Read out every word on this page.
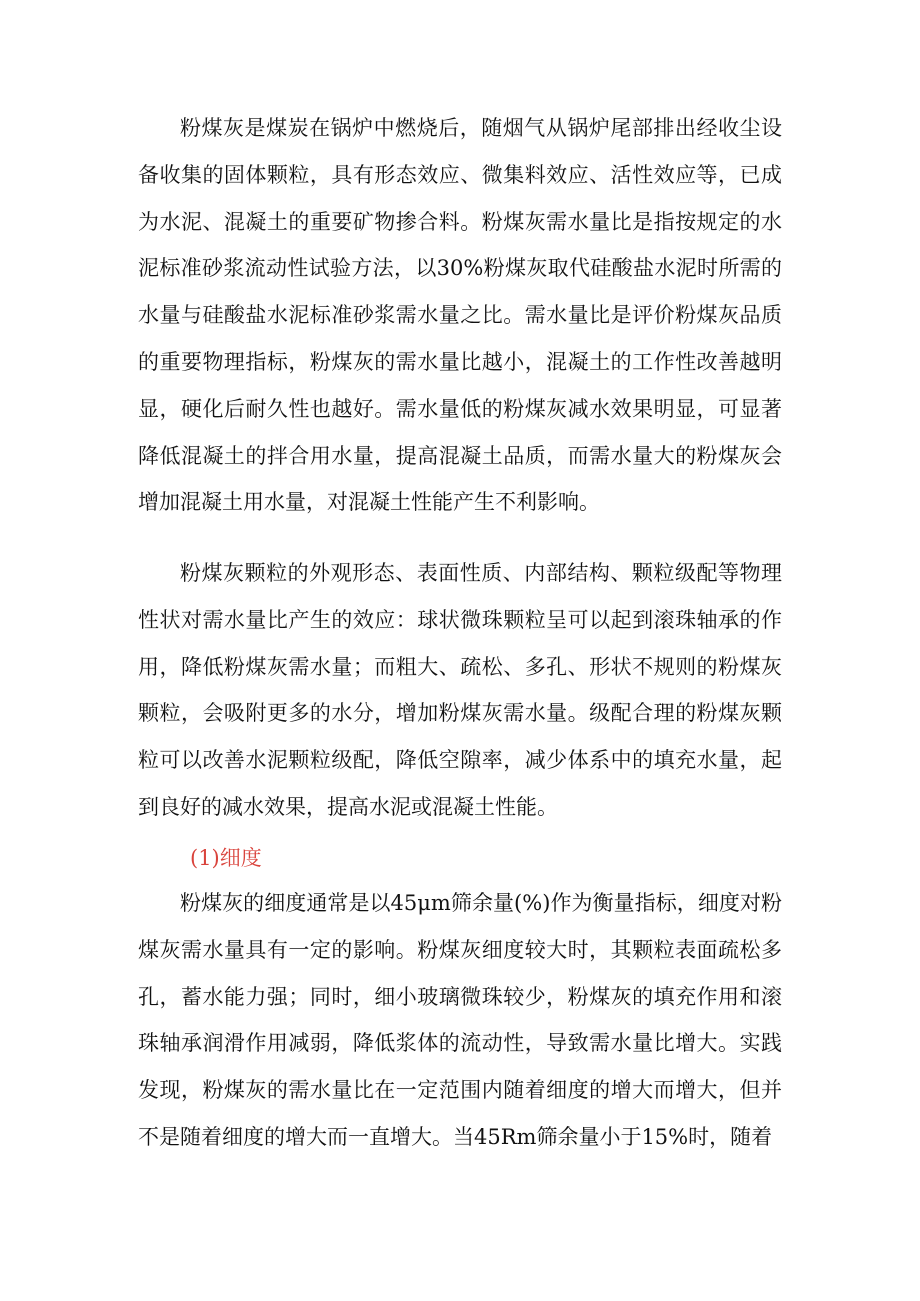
粉煤灰是煤炭在锅炉中燃烧后，随烟气从锅炉尾部排出经收尘设备收集的固体颗粒，具有形态效应、微集料效应、活性效应等，已成为水泥、混凝土的重要矿物掺合料。粉煤灰需水量比是指按规定的水泥标准砂浆流动性试验方法，以30%粉煤灰取代硅酸盐水泥时所需的水量与硅酸盐水泥标准砂浆需水量之比。需水量比是评价粉煤灰品质的重要物理指标，粉煤灰的需水量比越小，混凝土的工作性改善越明显，硬化后耐久性也越好。需水量低的粉煤灰减水效果明显，可显著降低混凝土的拌合用水量，提高混凝土品质，而需水量大的粉煤灰会增加混凝土用水量，对混凝土性能产生不利影响。

粉煤灰颗粒的外观形态、表面性质、内部结构、颗粒级配等物理性状对需水量比产生的效应：球状微珠颗粒呈可以起到滚珠轴承的作用，降低粉煤灰需水量；而粗大、疏松、多孔、形状不规则的粉煤灰颗粒，会吸附更多的水分，增加粉煤灰需水量。级配合理的粉煤灰颗粒可以改善水泥颗粒级配，降低空隙率，减少体系中的填充水量，起到良好的减水效果，提高水泥或混凝土性能。

(1)细度

粉煤灰的细度通常是以45μm筛余量(%)作为衡量指标，细度对粉煤灰需水量具有一定的影响。粉煤灰细度较大时，其颗粒表面疏松多孔，蓄水能力强；同时，细小玻璃微珠较少，粉煤灰的填充作用和滚珠轴承润滑作用减弱，降低浆体的流动性，导致需水量比增大。实践发现，粉煤灰的需水量比在一定范围内随着细度的增大而增大，但并不是随着细度的增大而一直增大。当45Rm筛余量小于15%时，随着
